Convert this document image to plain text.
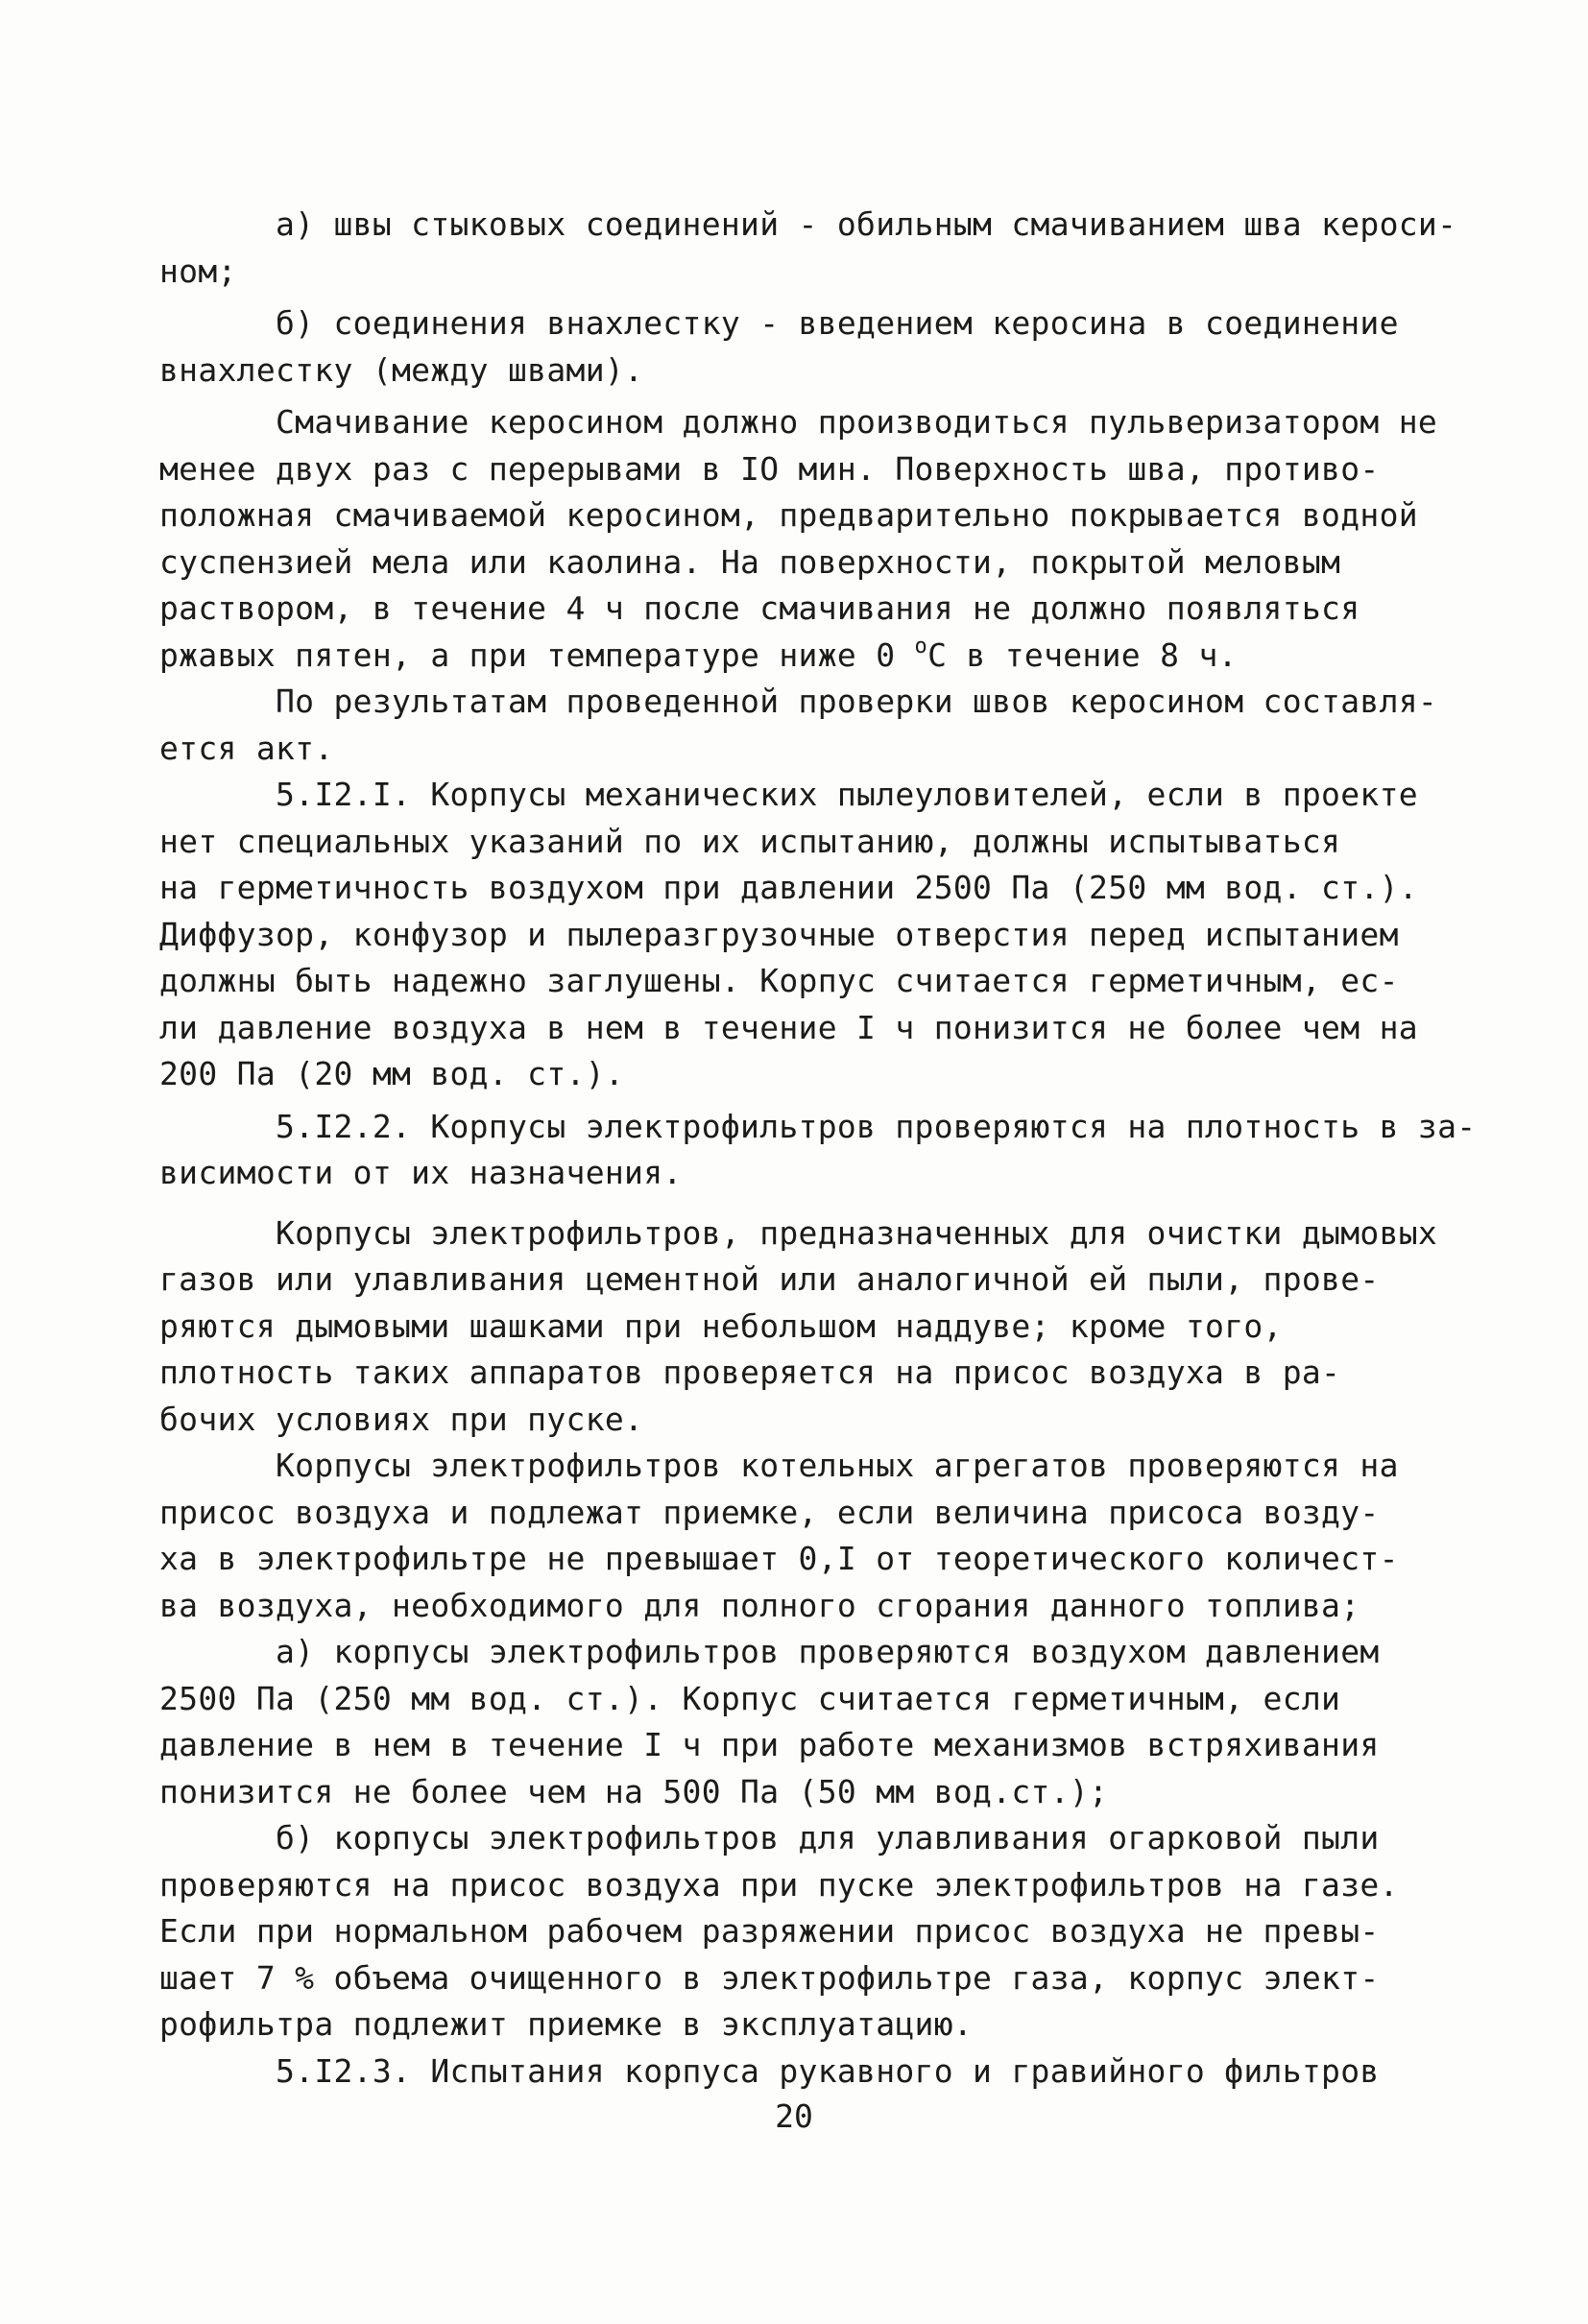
а) швы стыковых соединений - обильным смачиванием шва кероси-
ном;
б) соединения внахлестку - введением керосина в соединение
внахлестку (между швами).
Смачивание керосином должно производиться пульверизатором не
менее двух раз с перерывами в IO мин. Поверхность шва, противо-
положная смачиваемой керосином, предварительно покрывается водной
суспензией мела или каолина. На поверхности, покрытой меловым
раствором, в течение 4 ч после смачивания не должно появляться
ржавых пятен, а при температуре ниже 0 $^o$С в течение 8 ч.
По результатам проведенной проверки швов керосином составля-
ется акт.
5.I2.I. Корпусы механических пылеуловителей, если в проекте
нет специальных указаний по их испытанию, должны испытываться
на герметичность воздухом при давлении 2500 Па (250 мм вод. ст.).
Диффузор, конфузор и пылеразгрузочные отверстия перед испытанием
должны быть надежно заглушены. Корпус считается герметичным, ес-
ли давление воздуха в нем в течение I ч понизится не более чем на
200 Па (20 мм вод. ст.).
5.I2.2. Корпусы электрофильтров проверяются на плотность в за-
висимости от их назначения.
Корпусы электрофильтров, предназначенных для очистки дымовых
газов или улавливания цементной или аналогичной ей пыли, прове-
ряются дымовыми шашками при небольшом наддуве; кроме того,
плотность таких аппаратов проверяется на присос воздуха в ра-
бочих условиях при пуске.
Корпусы электрофильтров котельных агрегатов проверяются на
присос воздуха и подлежат приемке, если величина присоса возду-
ха в электрофильтре не превышает 0,I от теоретического количест-
ва воздуха, необходимого для полного сгорания данного топлива;
а) корпусы электрофильтров проверяются воздухом давлением
2500 Па (250 мм вод. ст.). Корпус считается герметичным, если
давление в нем в течение I ч при работе механизмов встряхивания
понизится не более чем на 500 Па (50 мм вод.ст.);
б) корпусы электрофильтров для улавливания огарковой пыли
проверяются на присос воздуха при пуске электрофильтров на газе.
Если при нормальном рабочем разряжении присос воздуха не превы-
шает 7 % объема очищенного в электрофильтре газа, корпус элект-
рофильтра подлежит приемке в эксплуатацию.
5.I2.3. Испытания корпуса рукавного и гравийного фильтров
20
